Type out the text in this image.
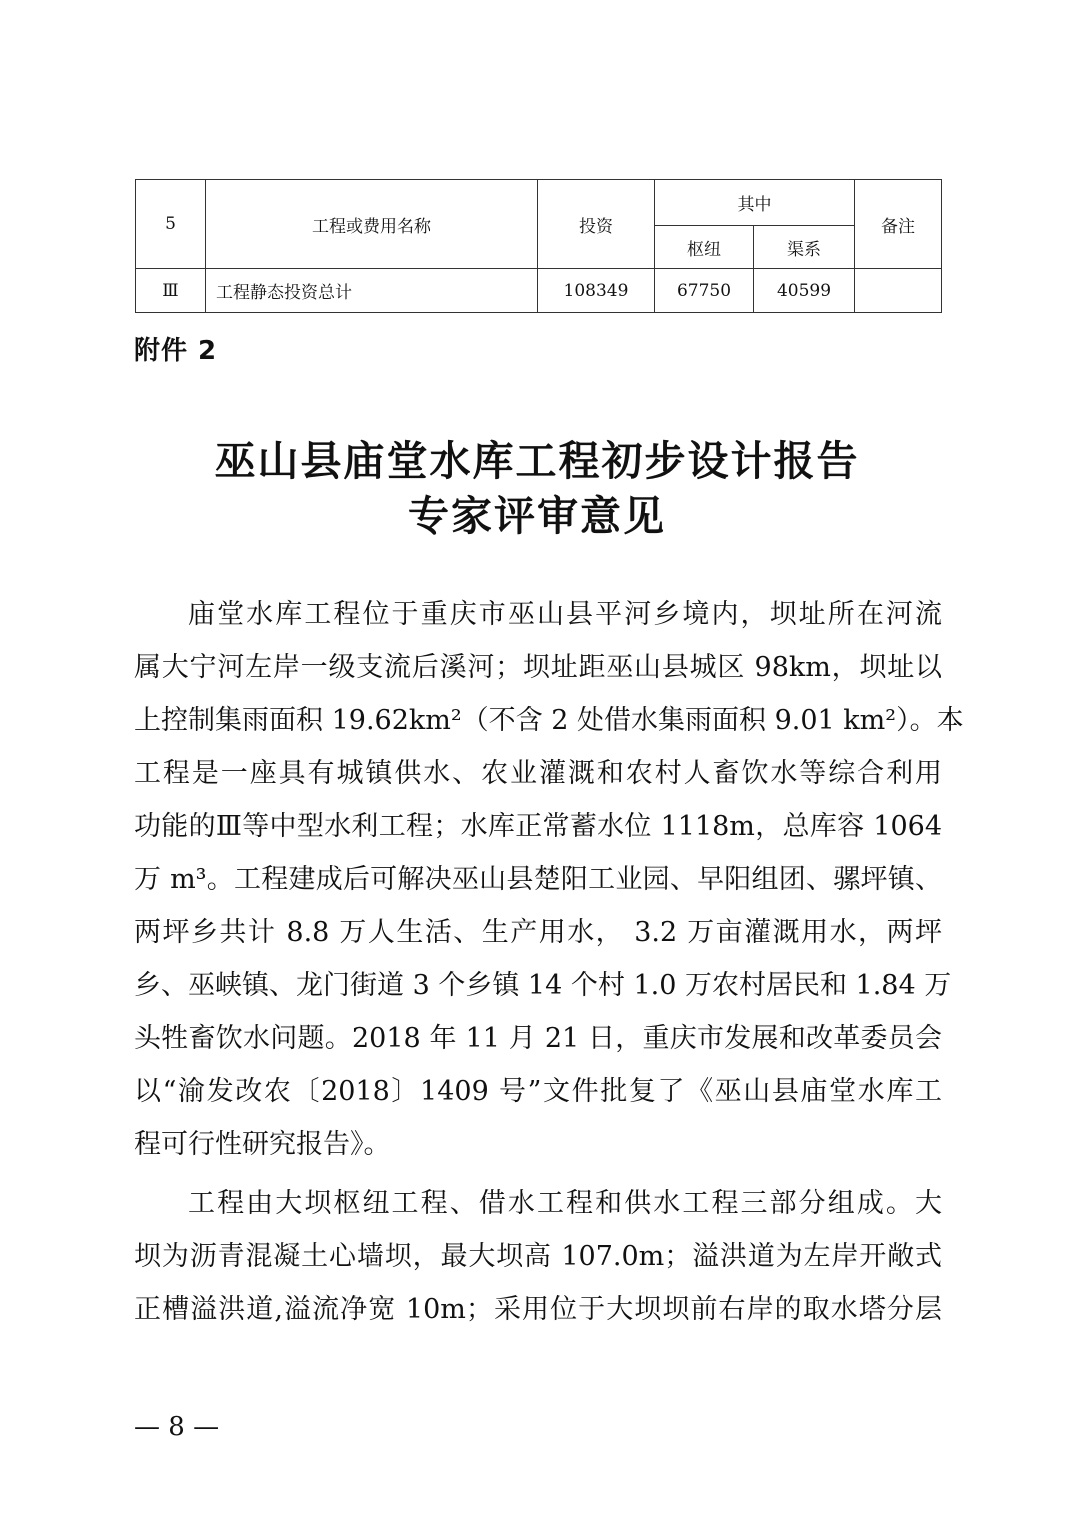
5	工程或费用名称	投资	其中		备注
			枢纽	渠系	
Ⅲ	工程静态投资总计	108349	67750	40599	
附件 2
巫山县庙堂水库工程初步设计报告
专家评审意见
庙堂水库工程位于重庆市巫山县平河乡境内，坝址所在河流
属大宁河左岸一级支流后溪河；坝址距巫山县城区 98km，坝址以
上控制集雨面积 19.62km²（不含 2 处借水集雨面积 9.01 km²）。本
工程是一座具有城镇供水、农业灌溉和农村人畜饮水等综合利用
功能的Ⅲ等中型水利工程；水库正常蓄水位 1118m，总库容 1064
万 m³。工程建成后可解决巫山县楚阳工业园、早阳组团、骡坪镇、
两坪乡共计 8.8 万人生活、生产用水， 3.2 万亩灌溉用水，两坪
乡、巫峡镇、龙门街道 3 个乡镇 14 个村 1.0 万农村居民和 1.84 万
头牲畜饮水问题。2018 年 11 月 21 日，重庆市发展和改革委员会
以“渝发改农〔2018〕1409 号”文件批复了《巫山县庙堂水库工
程可行性研究报告》。
工程由大坝枢纽工程、借水工程和供水工程三部分组成。大
坝为沥青混凝土心墙坝，最大坝高 107.0m；溢洪道为左岸开敞式
正槽溢洪道,溢流净宽 10m；采用位于大坝坝前右岸的取水塔分层
— 8 —
